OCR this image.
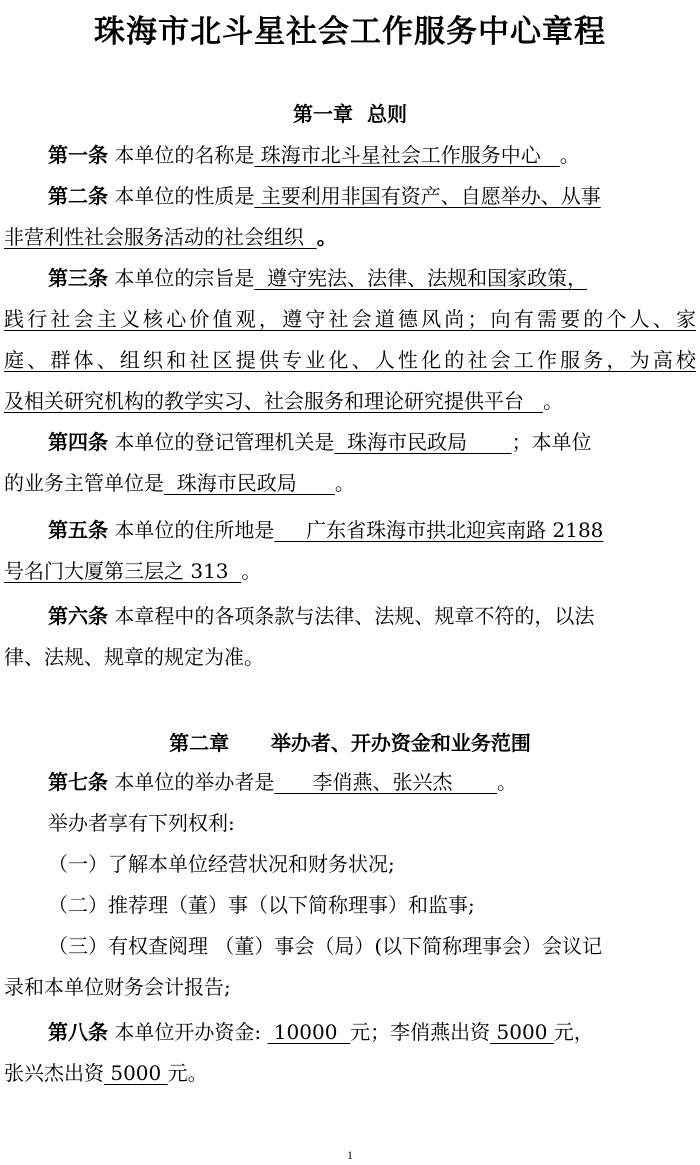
珠海市北斗星社会工作服务中心章程
第一章  总则
第一条 本单位的名称是 珠海市北斗星社会工作服务中心   。
第二条 本单位的性质是 主要利用非国有资产、自愿举办、从事
非营利性社会服务活动的社会组织  。
第三条 本单位的宗旨是  遵守宪法、法律、法规和国家政策，
践行社会主义核心价值观，遵守社会道德风尚；向有需要的个人、家
庭、群体、组织和社区提供专业化、人性化的社会工作服务，为高校
及相关研究机构的教学实习、社会服务和理论研究提供平台   。
第四条 本单位的登记管理机关是  珠海市民政局       ；本单位
的业务主管单位是  珠海市民政局      。
第五条 本单位的住所地是     广东省珠海市拱北迎宾南路 2188
号名门大厦第三层之 313  。
第六条 本章程中的各项条款与法律、法规、规章不符的，以法
律、法规、规章的规定为准。
第二章      举办者、开办资金和业务范围
第七条 本单位的举办者是      李俏燕、张兴杰       。
举办者享有下列权利:
（一）了解本单位经营状况和财务状况;
（二）推荐理（董）事（以下简称理事）和监事;
（三）有权查阅理 （董）事会（局）(以下简称理事会）会议记
录和本单位财务会计报告;
第八条 本单位开办资金:  10000  元；李俏燕出资 5000 元，
张兴杰出资 5000 元。
1
